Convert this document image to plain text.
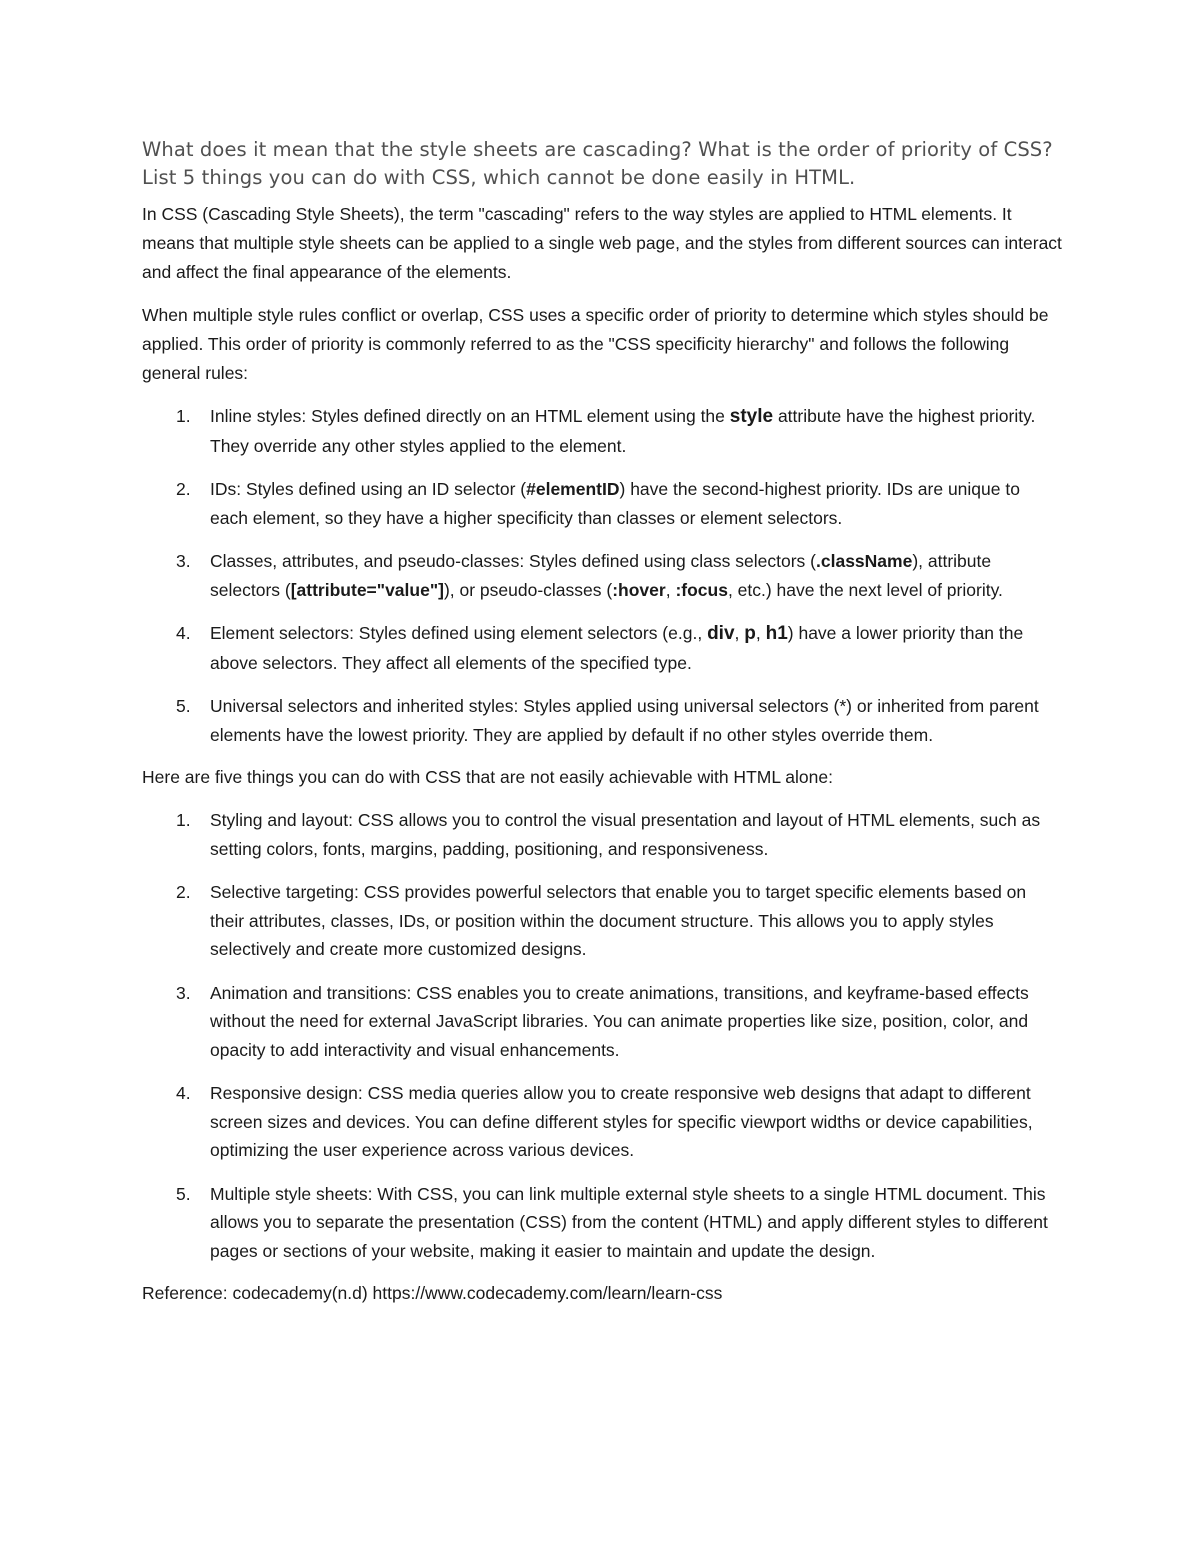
What does it mean that the style sheets are cascading? What is the order of priority of CSS? List 5 things you can do with CSS, which cannot be done easily in HTML.

In CSS (Cascading Style Sheets), the term "cascading" refers to the way styles are applied to HTML elements. It means that multiple style sheets can be applied to a single web page, and the styles from different sources can interact and affect the final appearance of the elements.

When multiple style rules conflict or overlap, CSS uses a specific order of priority to determine which styles should be applied. This order of priority is commonly referred to as the "CSS specificity hierarchy" and follows the following general rules:

1.	Inline styles: Styles defined directly on an HTML element using the style attribute have the highest priority. They override any other styles applied to the element.
2.	IDs: Styles defined using an ID selector (#elementID) have the second-highest priority. IDs are unique to each element, so they have a higher specificity than classes or element selectors.
3.	Classes, attributes, and pseudo-classes: Styles defined using class selectors (.className), attribute selectors ([attribute="value"]), or pseudo-classes (:hover, :focus, etc.) have the next level of priority.
4.	Element selectors: Styles defined using element selectors (e.g., div, p, h1) have a lower priority than the above selectors. They affect all elements of the specified type.
5.	Universal selectors and inherited styles: Styles applied using universal selectors (*) or inherited from parent elements have the lowest priority. They are applied by default if no other styles override them.

Here are five things you can do with CSS that are not easily achievable with HTML alone:

1.	Styling and layout: CSS allows you to control the visual presentation and layout of HTML elements, such as setting colors, fonts, margins, padding, positioning, and responsiveness.
2.	Selective targeting: CSS provides powerful selectors that enable you to target specific elements based on their attributes, classes, IDs, or position within the document structure. This allows you to apply styles selectively and create more customized designs.
3.	Animation and transitions: CSS enables you to create animations, transitions, and keyframe-based effects without the need for external JavaScript libraries. You can animate properties like size, position, color, and opacity to add interactivity and visual enhancements.
4.	Responsive design: CSS media queries allow you to create responsive web designs that adapt to different screen sizes and devices. You can define different styles for specific viewport widths or device capabilities, optimizing the user experience across various devices.
5.	Multiple style sheets: With CSS, you can link multiple external style sheets to a single HTML document. This allows you to separate the presentation (CSS) from the content (HTML) and apply different styles to different pages or sections of your website, making it easier to maintain and update the design.

Reference: codecademy(n.d) https://www.codecademy.com/learn/learn-css
